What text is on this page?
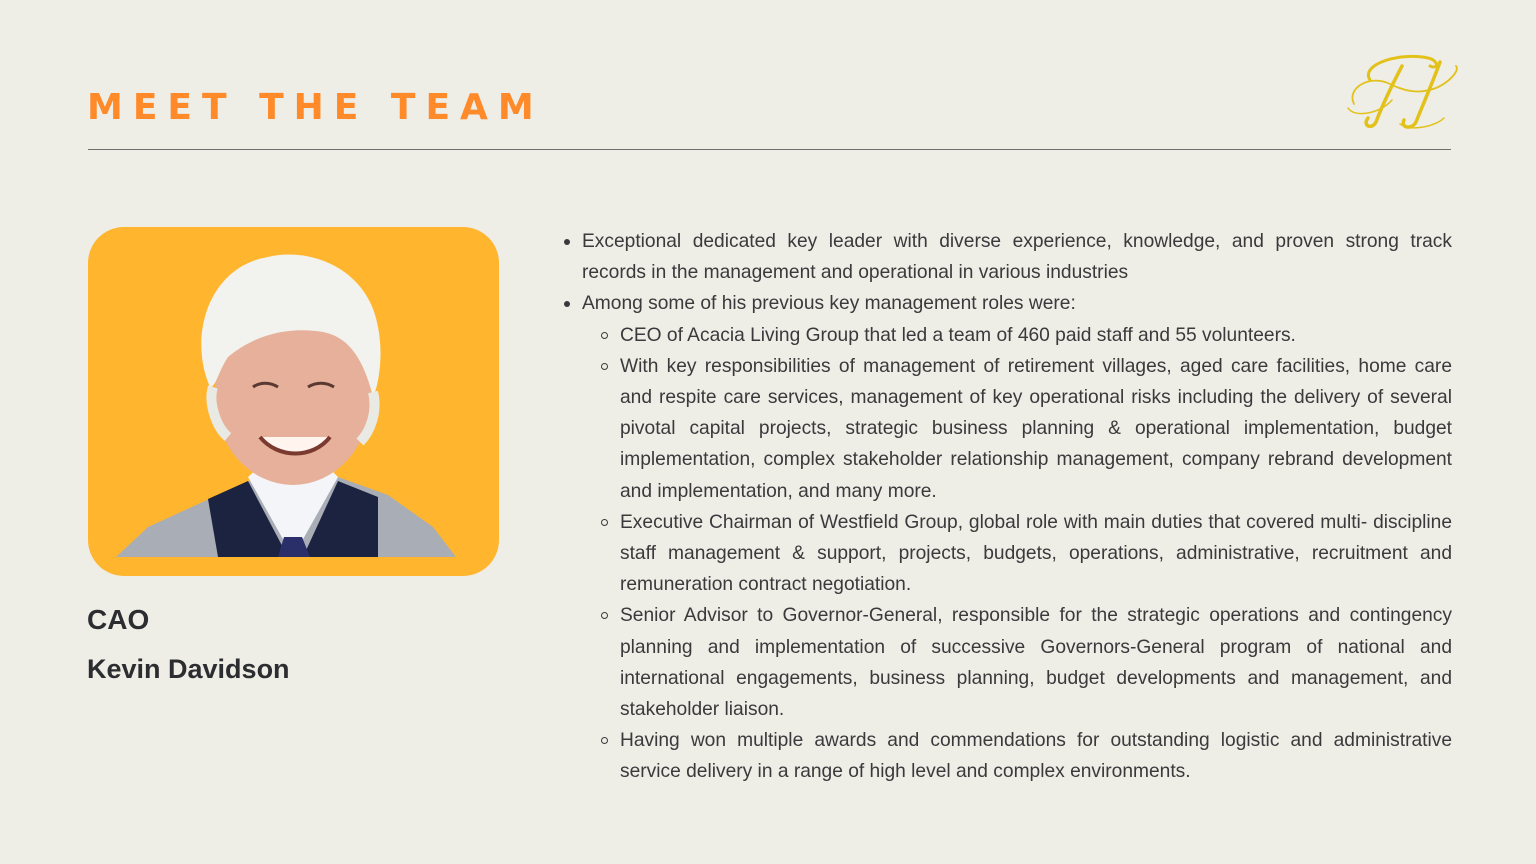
MEET THE TEAM
CAO
Kevin Davidson
Exceptional dedicated key leader with diverse experience, knowledge, and proven strong track records in the management and operational in various industries
Among some of his previous key management roles were:
CEO of Acacia Living Group that led a team of 460 paid staff and 55 volunteers.
With key responsibilities of management of retirement villages, aged care facilities, home care and respite care services, management of key operational risks including the delivery of several pivotal capital projects, strategic business planning & operational implementation, budget implementation, complex stakeholder relationship management, company rebrand development and implementation, and many more.
Executive Chairman of Westfield Group, global role with main duties that covered multi- discipline staff management & support, projects, budgets, operations, administrative, recruitment and remuneration contract negotiation.
Senior Advisor to Governor-General, responsible for the strategic operations and contingency planning and implementation of successive Governors-General program of national and international engagements, business planning, budget developments and management, and stakeholder liaison.
Having won multiple awards and commendations for outstanding logistic and administrative service delivery in a range of high level and complex environments.
